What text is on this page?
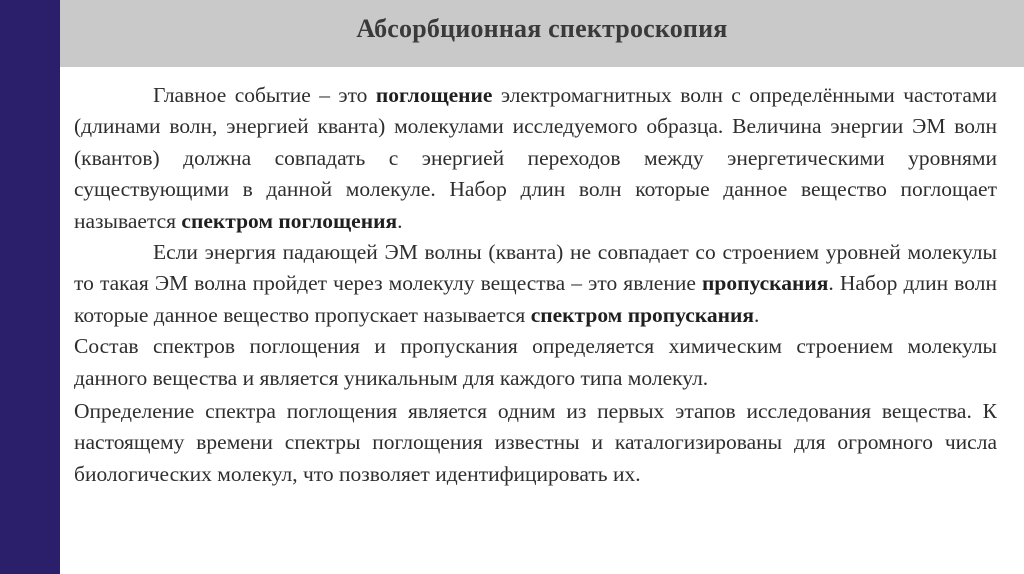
Абсорбционная спектроскопия

Главное событие – это поглощение электромагнитных волн с определёнными частотами (длинами волн, энергией кванта) молекулами исследуемого образца. Величина энергии ЭМ волн (квантов) должна совпадать с энергией переходов между энергетическими уровнями существующими в данной молекуле. Набор длин волн которые данное вещество поглощает называется спектром поглощения.

Если энергия падающей ЭМ волны (кванта) не совпадает со строением уровней молекулы то такая ЭМ волна пройдет через молекулу вещества – это явление пропускания. Набор длин волн которые данное вещество пропускает называется спектром пропускания.

Состав спектров поглощения и пропускания определяется химическим строением молекулы данного вещества и является уникальным для каждого типа молекул.

Определение спектра поглощения является одним из первых этапов исследования вещества. К настоящему времени спектры поглощения известны и каталогизированы для огромного числа биологических молекул, что позволяет идентифицировать их.
